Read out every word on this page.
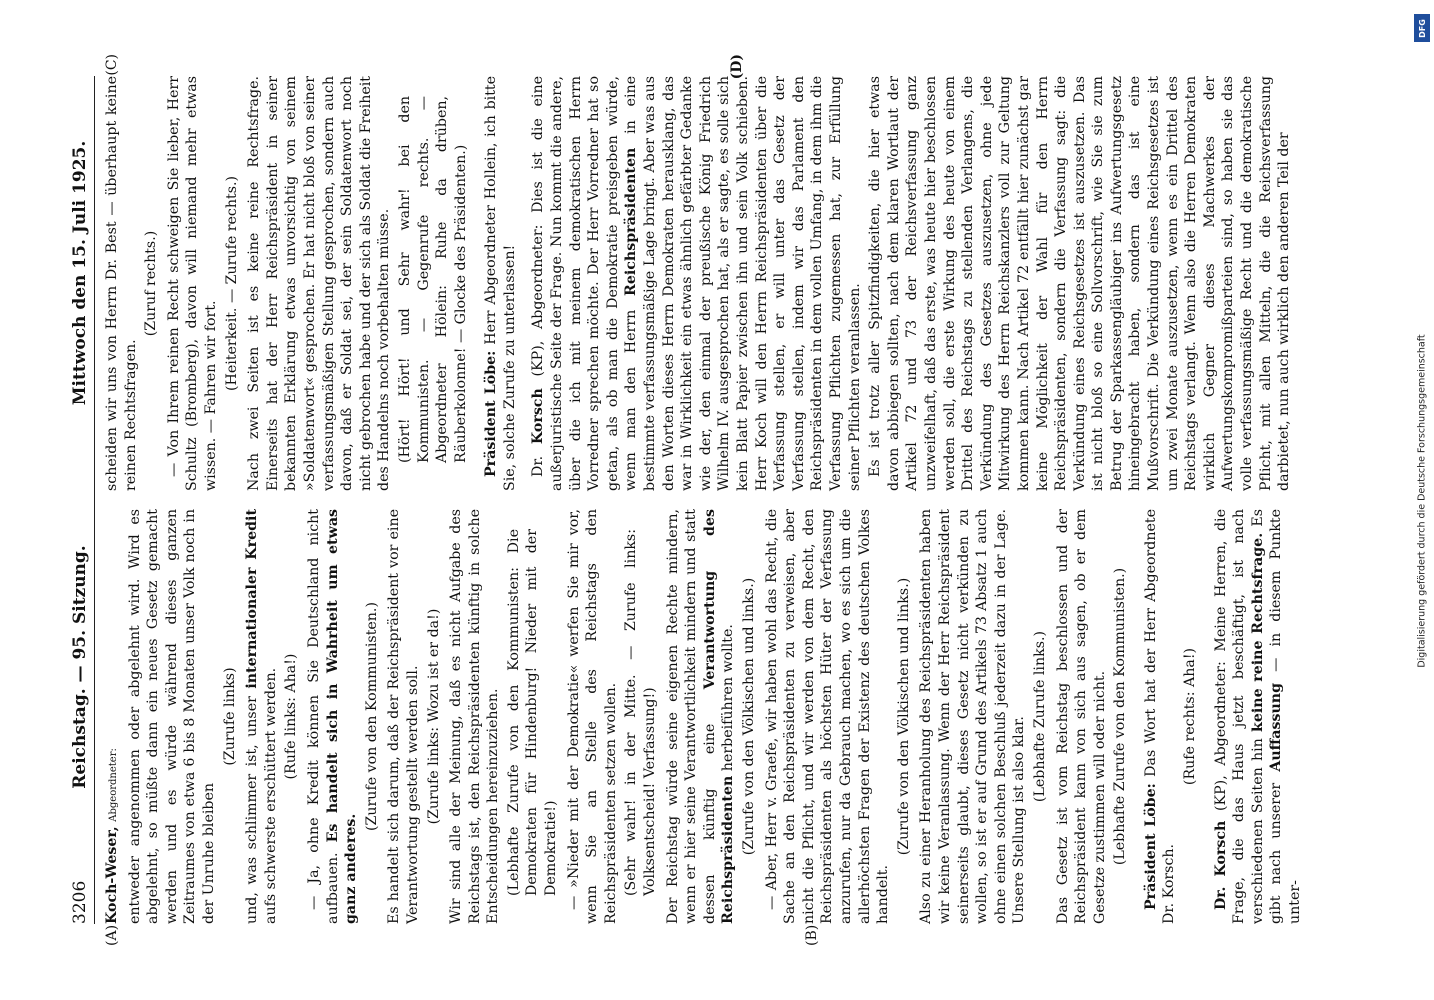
3206
Reichstag. — 95. Sitzung.
Mittwoch den 15. Juli 1925.
(A)	(B)

Koch-Weser, Abgeordneter: entweder angenommen oder abgelehnt wird. Wird es abgelehnt, so müßte dann ein neues Gesetz gemacht werden und es würde während dieses ganzen Zeitraumes von etwa 6 bis 8 Monaten unser Volk noch in der Unruhe bleiben

(Zurufe links) und, was schlimmer ist, unser internationaler Kredit aufs schwerste erschüttert werden. (Rufe links: Aha!) — Ja, ohne Kredit können Sie Deutschland nicht aufbauen. Es handelt sich in Wahrheit um etwas ganz anderes.

(Zurufe von den Kommunisten.) Es handelt sich darum, daß der Reichspräsident vor eine Verantwortung gestellt werden soll. (Zurufe links: Wozu ist er da!) Wir sind alle der Meinung, daß es nicht Aufgabe des Reichstags ist, den Reichspräsidenten künftig in solche Entscheidungen hereinzuziehen. (Lebhafte Zurufe von den Kommunisten: Die Demokraten für Hindenburg! Nieder mit der Demokratie!) — »Nieder mit der Demokratie« werfen Sie mir vor, wenn Sie an Stelle des Reichstags den Reichspräsidenten setzen wollen. (Sehr wahr! in der Mitte. — Zurufe links: Volksentscheid! Verfassung!) Der Reichstag würde seine eigenen Rechte mindern, wenn er hier seine Verantwortlichkeit mindern und statt dessen künftig eine Verantwortung des Reichspräsidenten herbeiführen wollte. (Zurufe von den Völkischen und links.) — Aber, Herr v. Graefe, wir haben wohl das Recht, die Sache an den Reichspräsidenten zu verweisen, aber nicht die Pflicht, und wir werden von dem Recht, den Reichspräsidenten als höchsten Hüter der Verfassung anzurufen, nur da Gebrauch machen, wo es sich um die allerhöchsten Fragen der Existenz des deutschen Volkes handelt.

(Zurufe von den Völkischen und links.) Also zu einer Heranholung des Reichspräsidenten haben wir keine Veranlassung. Wenn der Herr Reichspräsident seinerseits glaubt, dieses Gesetz nicht verkünden zu wollen, so ist er auf Grund des Artikels 73 Absatz 1 auch ohne einen solchen Beschluß jederzeit dazu in der Lage. Unsere Stellung ist also klar. (Lebhafte Zurufe links.) Das Gesetz ist vom Reichstag beschlossen und der Reichspräsident kann von sich aus sagen, ob er dem Gesetze zustimmen will oder nicht. (Lebhafte Zurufe von den Kommunisten.) Präsident Löbe: Das Wort hat der Herr Abgeordnete Dr. Korsch.

(Rufe rechts: Aha!)

Dr. Korsch (KP), Abgeordneter: Meine Herren, die Frage, die das Haus jetzt beschäftigt, ist nach verschiedenen Seiten hin keine reine Rechtsfrage. Es gibt nach unserer Auffassung — in diesem Punkte unter-

(C)	(D)

scheiden wir uns von Herrn Dr. Best — überhaupt keine reinen Rechtsfragen.

(Zuruf rechts.) — Von Ihrem reinen Recht schweigen Sie lieber, Herr Schultz (Bromberg), davon will niemand mehr etwas wissen. — Fahren wir fort.

(Heiterkeit. — Zurufe rechts.) Nach zwei Seiten ist es keine reine Rechtsfrage. Einerseits hat der Herr Reichspräsident in seiner bekannten Erklärung etwas unvorsichtig von seinem »Soldatenwort« gesprochen. Er hat nicht bloß von seiner verfassungsmäßigen Stellung gesprochen, sondern auch davon, daß er Soldat sei, der sein Soldatenwort noch nicht gebrochen habe und der sich als Soldat die Freiheit des Handelns noch vorbehalten müsse. (Hört! Hört! und Sehr wahr! bei den Kommunisten. — Gegenrufe rechts. — Abgeordneter Hölein: Ruhe da drüben, Räuberkolonne! — Glocke des Präsidenten.) Präsident Löbe: Herr Abgeordneter Hollein, ich bitte Sie, solche Zurufe zu unterlassen! Dr. Korsch (KP), Abgeordneter: Dies ist die eine außerjuristische Seite der Frage. Nun kommt die andere, über die ich mit meinem demokratischen Herrn Vorredner sprechen möchte. Der Herr Vorredner hat so getan, als ob man die Demokratie preisgeben würde, wenn man den Herrn Reichspräsidenten in eine bestimmte verfassungsmäßige Lage bringt. Aber was aus den Worten dieses Herrn Demokraten herausklang, das war in Wirklichkeit ein etwas ähnlich gefärbter Gedanke wie der, den einmal der preußische König Friedrich Wilhelm IV. ausgesprochen hat, als er sagte, es solle sich kein Blatt Papier zwischen ihn und sein Volk schieben. Herr Koch will den Herrn Reichspräsidenten über die Verfassung stellen, er will unter das Gesetz der Verfassung stellen, indem wir das Parlament den Reichspräsidenten in dem vollen Umfang, in dem ihm die Verfassung Pflichten zugemessen hat, zur Erfüllung seiner Pflichten veranlassen. Es ist trotz aller Spitzfindigkeiten, die hier etwas davon abbiegen sollten, nach dem klaren Wortlaut der Artikel 72 und 73 der Reichsverfassung ganz unzweifelhaft, daß das erste, was heute hier beschlossen werden soll, die erste Wirkung des heute von einem Drittel des Reichstags zu stellenden Verlangens, die Verkündung des Gesetzes auszusetzen, ohne jede Mitwirkung des Herrn Reichskanzlers voll zur Geltung kommen kann. Nach Artikel 72 entfällt hier zunächst gar keine Möglichkeit der Wahl für den Herrn Reichspräsidenten, sondern die Verfassung sagt: die Verkündung eines Reichsgesetzes ist auszusetzen. Das ist nicht bloß so eine Sollvorschrift, wie Sie sie zum Betrug der Sparkassengläubiger ins Aufwertungsgesetz hineingebracht haben, sondern das ist eine Mußvorschrift. Die Verkündung eines Reichsgesetzes ist um zwei Monate auszusetzen, wenn es ein Drittel des Reichstags verlangt. Wenn also die Herren Demokraten wirklich Gegner dieses Machwerkes der Aufwertungskompromißparteien sind, so haben sie das volle verfassungsmäßige Recht und die demokratische Pflicht, mit allen Mitteln, die die Reichsverfassung darbietet, nun auch wirklich den anderen Teil der

DFG
Digitalisierung gefördert durch die Deutsche Forschungsgemeinschaft
